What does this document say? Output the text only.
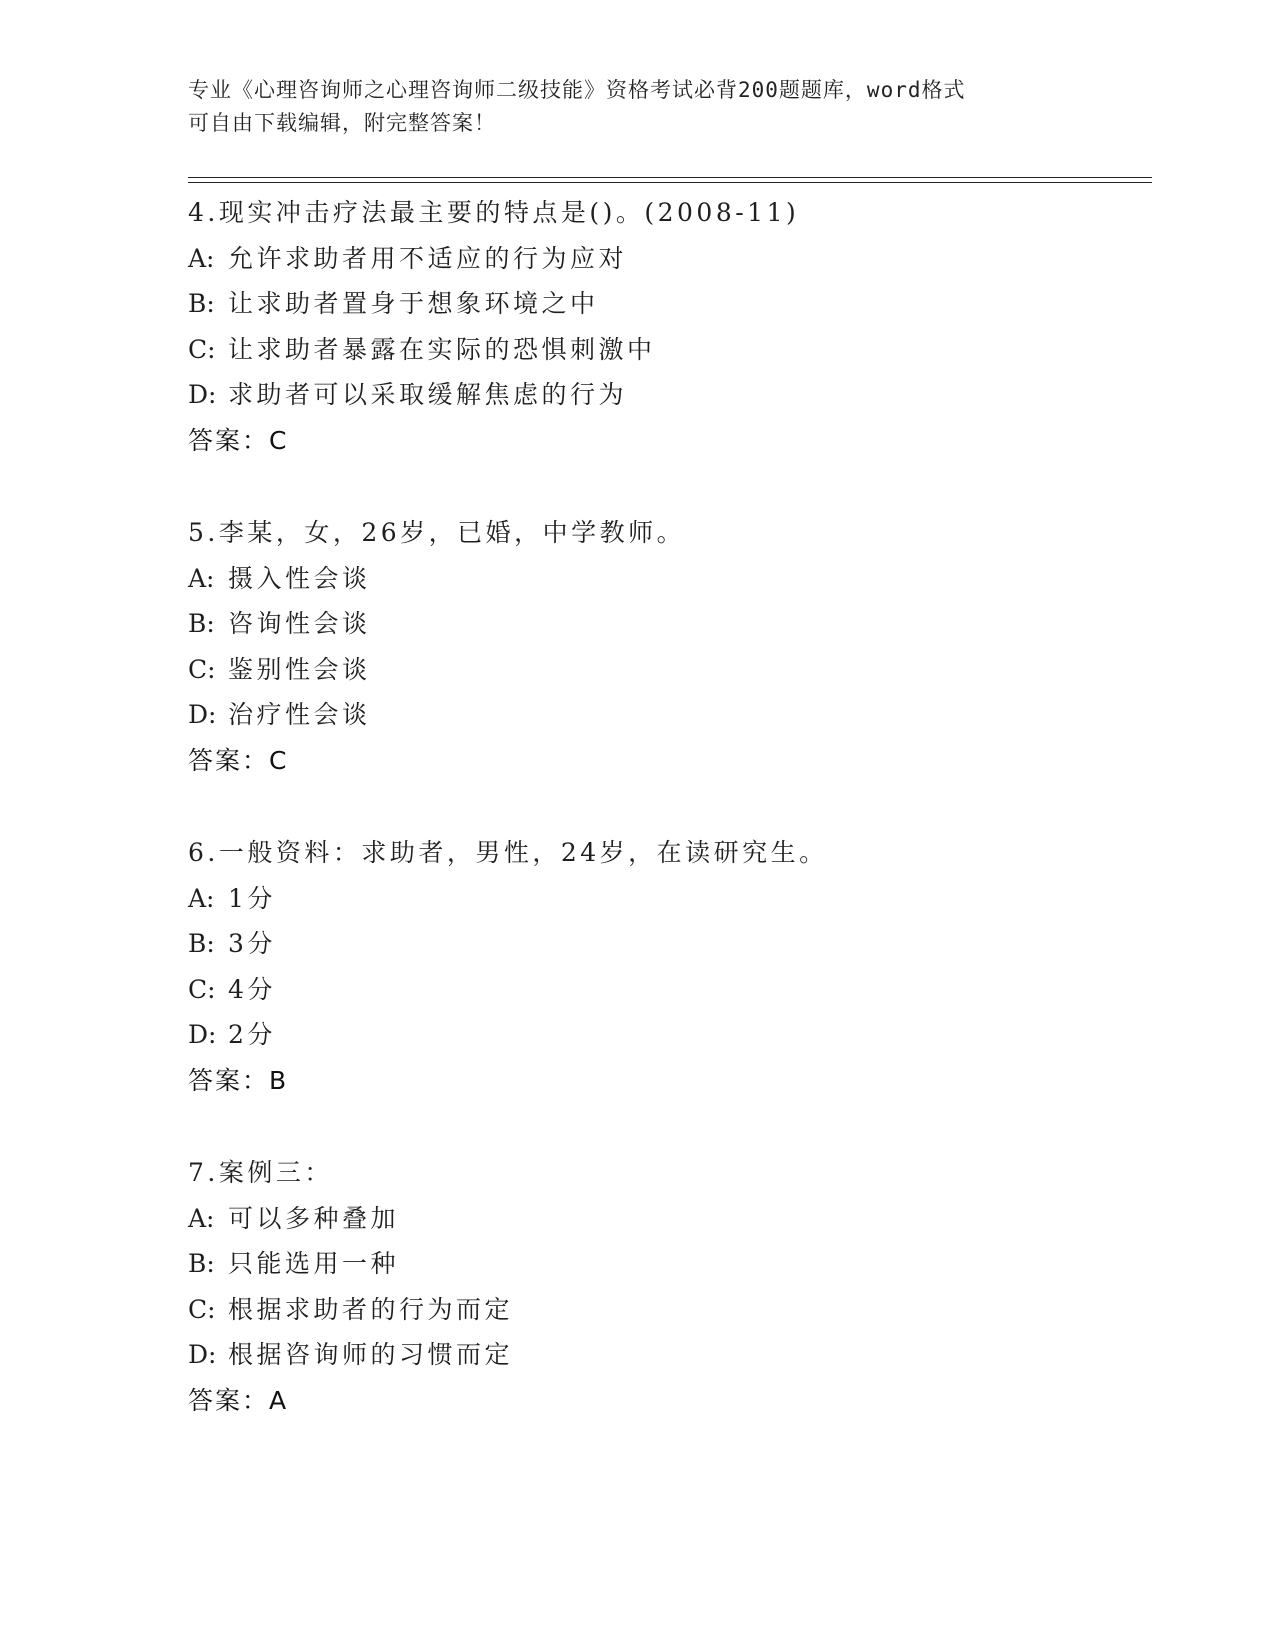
专业《心理咨询师之心理咨询师二级技能》资格考试必背200题题库，word格式
可自由下载编辑，附完整答案！
4.现实冲击疗法最主要的特点是()。(2008-11)
A: 允许求助者用不适应的行为应对
B: 让求助者置身于想象环境之中
C: 让求助者暴露在实际的恐惧刺激中
D: 求助者可以采取缓解焦虑的行为
答案：C
5.李某，女，26岁，已婚，中学教师。
A: 摄入性会谈
B: 咨询性会谈
C: 鉴别性会谈
D: 治疗性会谈
答案：C
6.一般资料：求助者，男性，24岁，在读研究生。
A: 1分
B: 3分
C: 4分
D: 2分
答案：B
7.案例三：
A: 可以多种叠加
B: 只能选用一种
C: 根据求助者的行为而定
D: 根据咨询师的习惯而定
答案：A
